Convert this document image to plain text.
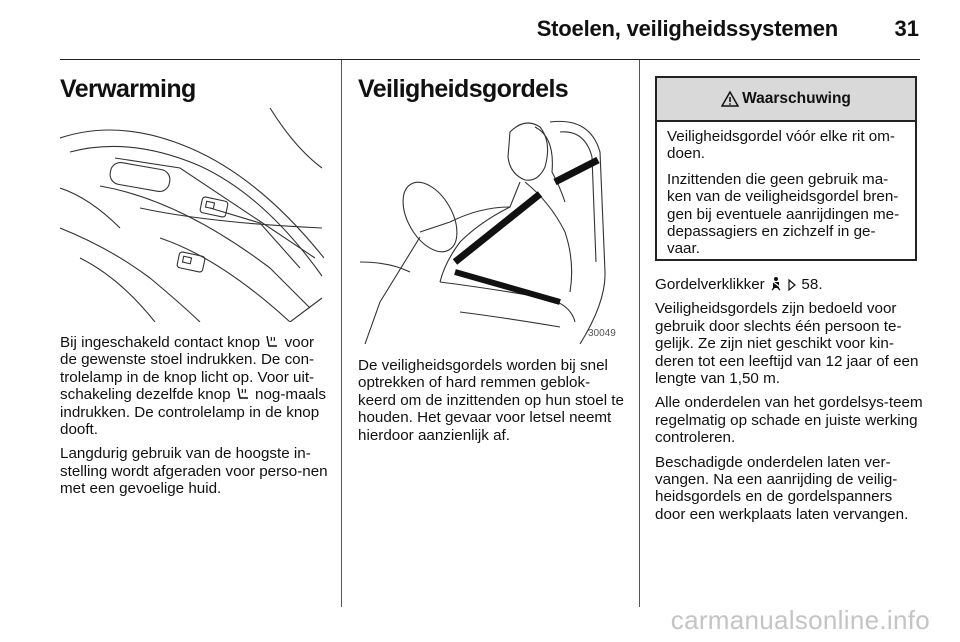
Stoelen, veiligheidssystemen	31
Verwarming

Bij ingeschakeld contact knop voor de gewenste stoel indrukken. De con-trolelamp in de knop licht op. Voor uit-schakeling dezelfde knop nog-maals indrukken. De controlelamp in de knop dooft.

Langdurig gebruik van de hoogste in-stelling wordt afgeraden voor perso-nen met een gevoelige huid.

Veiligheidsgordels
30049

De veiligheidsgordels worden bij snel optrekken of hard remmen geblok-keerd om de inzittenden op hun stoel te houden. Het gevaar voor letsel neemt hierdoor aanzienlijk af.

Waarschuwing

Veiligheidsgordel vóór elke rit om-doen.

Inzittenden die geen gebruik ma-ken van de veiligheidsgordel bren-gen bij eventuele aanrijdingen me-depassagiers en zichzelf in ge-vaar.

Gordelverklikker 58.

Veiligheidsgordels zijn bedoeld voor gebruik door slechts één persoon te-gelijk. Ze zijn niet geschikt voor kin-deren tot een leeftijd van 12 jaar of een lengte van 1,50 m.

Alle onderdelen van het gordelsys-teem regelmatig op schade en juiste werking controleren.

Beschadigde onderdelen laten ver-vangen. Na een aanrijding de veilig-heidsgordels en de gordelspanners door een werkplaats laten vervangen.

carmanualsonline.info
